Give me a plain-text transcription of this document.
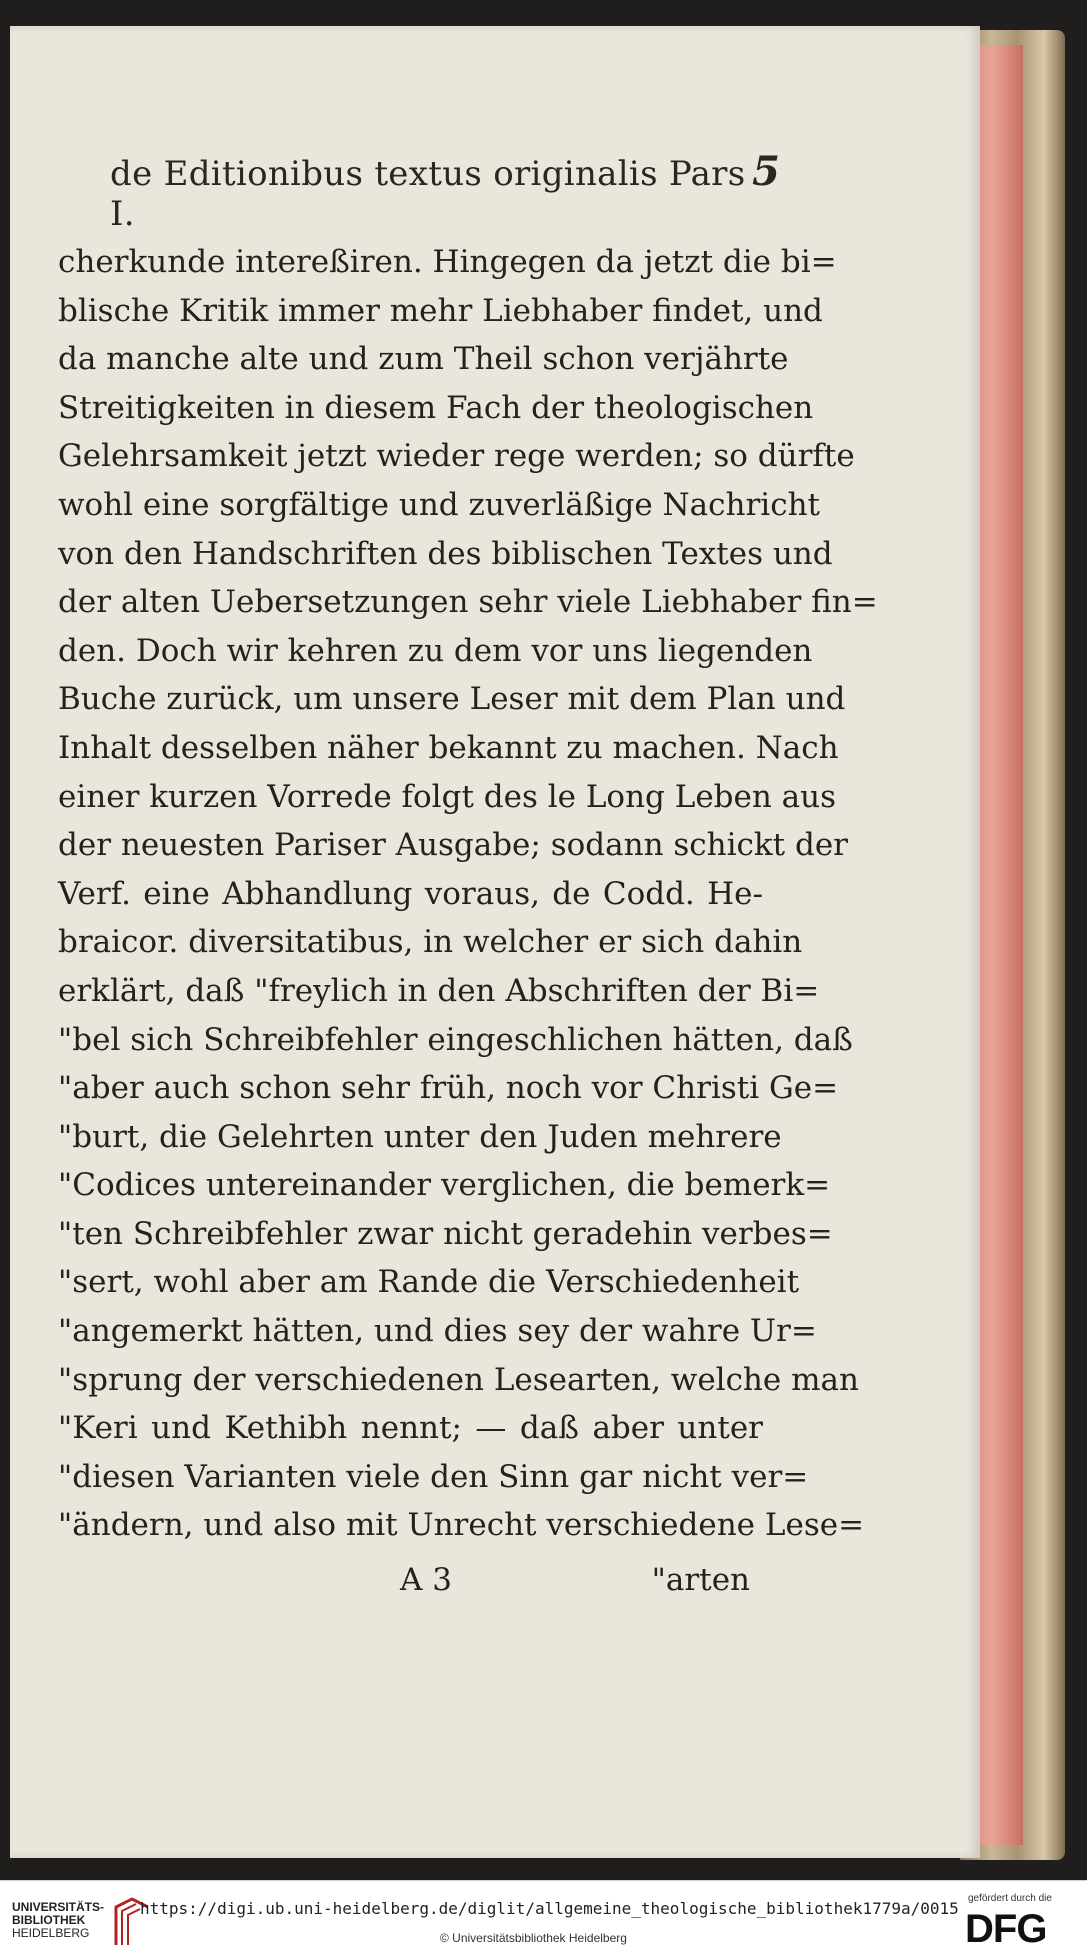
de Editionibus textus originalis Pars I.
5
cherkunde intereßiren. Hingegen da jetzt die bi=
blische Kritik immer mehr Liebhaber findet, und
da manche alte und zum Theil schon verjährte
Streitigkeiten in diesem Fach der theologischen
Gelehrsamkeit jetzt wieder rege werden; so dürfte
wohl eine sorgfältige und zuverläßige Nachricht
von den Handschriften des biblischen Textes und
der alten Uebersetzungen sehr viele Liebhaber fin=
den. Doch wir kehren zu dem vor uns liegenden
Buche zurück, um unsere Leser mit dem Plan und
Inhalt desselben näher bekannt zu machen. Nach
einer kurzen Vorrede folgt des le Long Leben aus
der neuesten Pariser Ausgabe; sodann schickt der
Verf. eine Abhandlung voraus, de Codd. He-
braicor. diversitatibus, in welcher er sich dahin
erklärt, daß "freylich in den Abschriften der Bi=
"bel sich Schreibfehler eingeschlichen hätten, daß
"aber auch schon sehr früh, noch vor Christi Ge=
"burt, die Gelehrten unter den Juden mehrere
"Codices untereinander verglichen, die bemerk=
"ten Schreibfehler zwar nicht geradehin verbes=
"sert, wohl aber am Rande die Verschiedenheit
"angemerkt hätten, und dies sey der wahre Ur=
"sprung der verschiedenen Lesearten, welche man
"Keri und Kethibh nennt; — daß aber unter
"diesen Varianten viele den Sinn gar nicht ver=
"ändern, und also mit Unrecht verschiedene Lese=
A 3	"arten
UNIVERSITÄTS-
BIBLIOTHEK
HEIDELBERG
https://digi.ub.uni-heidelberg.de/diglit/allgemeine_theologische_bibliothek1779a/0015
© Universitätsbibliothek Heidelberg
gefördert durch die
DFG
